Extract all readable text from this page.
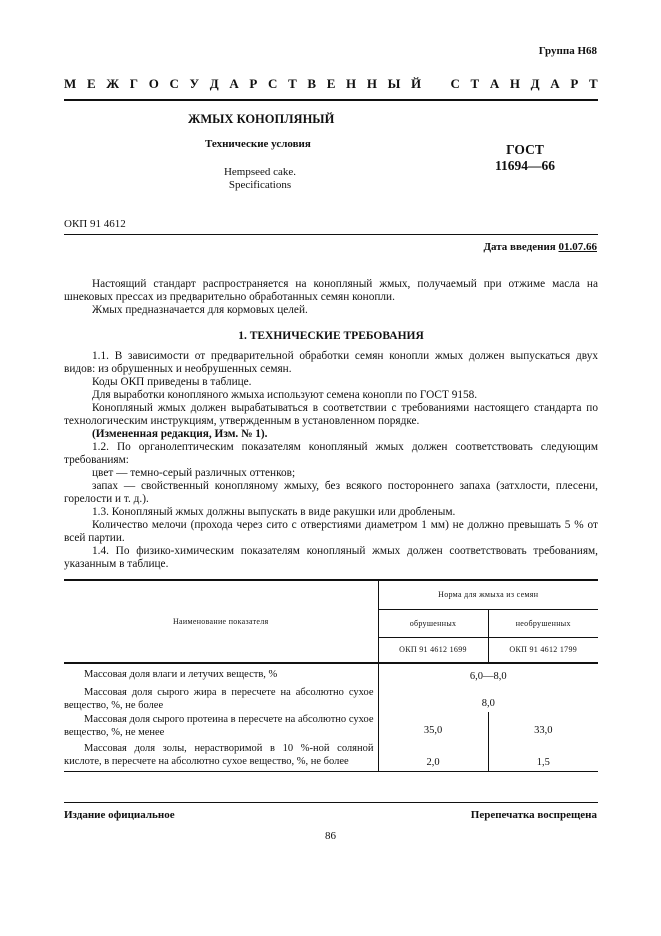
Группа Н68
М Е Ж Г О С У Д А Р С Т В Е Н Н Ы Й С Т А Н Д А Р Т
ЖМЫХ КОНОПЛЯНЫЙ
Технические условия
Hempseed cake.
Specifications
ГОСТ
11694—66
ОКП 91 4612
Дата введения 01.07.66

Настоящий стандарт распространяется на конопляный жмых, получаемый при отжиме масла на шнековых прессах из предварительно обработанных семян конопли.

Жмых предназначается для кормовых целей.

1. ТЕХНИЧЕСКИЕ ТРЕБОВАНИЯ

1.1. В зависимости от предварительной обработки семян конопли жмых должен выпускаться двух видов: из обрушенных и необрушенных семян.

Коды ОКП приведены в таблице.

Для выработки конопляного жмыха используют семена конопли по ГОСТ 9158.

Конопляный жмых должен вырабатываться в соответствии с требованиями настоящего стандарта по технологическим инструкциям, утвержденным в установленном порядке.

(Измененная редакция, Изм. № 1).

1.2. По органолептическим показателям конопляный жмых должен соответствовать следующим требованиям:

цвет — темно-серый различных оттенков;

запах — свойственный конопляному жмыху, без всякого постороннего запаха (затхлости, плесени, горелости и т. д.).

1.3. Конопляный жмых должны выпускать в виде ракушки или дробленым.

Количество мелочи (прохода через сито с отверстиями диаметром 1 мм) не должно превышать 5 % от всей партии.

1.4. По физико-химическим показателям конопляный жмых должен соответствовать требованиям, указанным в таблице.

Наименование показателя	Норма для жмыха из семян	
	обрушенных	необрушенных
	ОКП 91 4612 1699	ОКП 91 4612 1799
Массовая доля влаги и летучих веществ, %	6,0—8,0	
Массовая доля сырого жира в пересчете на абсолютно сухое вещество, %, не более	8,0	
Массовая доля сырого протеина в пересчете на абсолютно сухое вещество, %, не менее	35,0	33,0
Массовая доля золы, нерастворимой в 10 %-ной соляной кислоте, в пересчете на абсолютно сухое вещество, %, не более	2,0	1,5
Издание официальное	Перепечатка воспрещена
86
